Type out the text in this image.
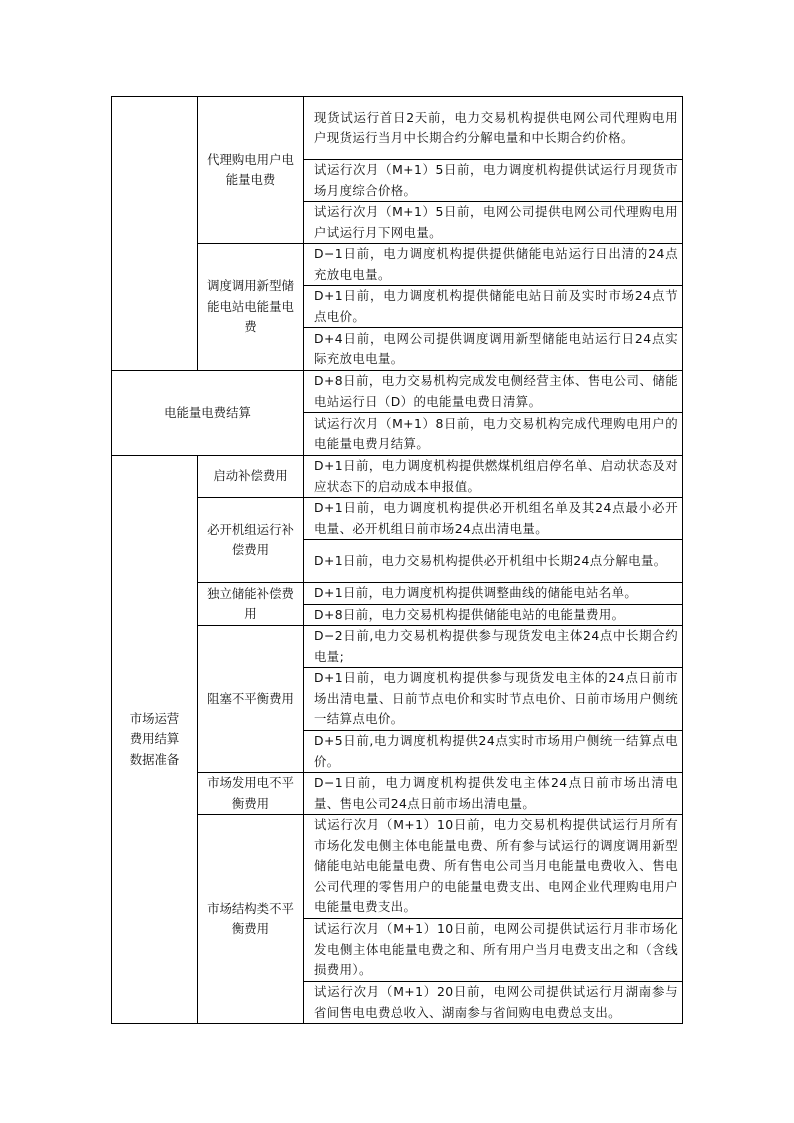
	代理购电用户电能量电费	现货试运行首日2天前，电力交易机构提供电网公司代理购电用户现货运行当月中长期合约分解电量和中长期合约价格。
		试运行次月（M+1）5日前，电力调度机构提供试运行月现货市场月度综合价格。
		试运行次月（M+1）5日前，电网公司提供电网公司代理购电用户试运行月下网电量。
	调度调用新型储能电站电能量电费	D−1日前，电力调度机构提供提供储能电站运行日出清的24点充放电电量。
		D+1日前，电力调度机构提供储能电站日前及实时市场24点节点电价。
		D+4日前，电网公司提供调度调用新型储能电站运行日24点实际充放电电量。
电能量电费结算		D+8日前，电力交易机构完成发电侧经营主体、售电公司、储能电站运行日（D）的电能量电费日清算。
		试运行次月（M+1）8日前，电力交易机构完成代理购电用户的电能量电费月结算。
市场运营费用结算数据准备	启动补偿费用	D+1日前，电力调度机构提供燃煤机组启停名单、启动状态及对应状态下的启动成本申报值。
	必开机组运行补偿费用	D+1日前，电力调度机构提供必开机组名单及其24点最小必开电量、必开机组日前市场24点出清电量。
		D+1日前，电力交易机构提供必开机组中长期24点分解电量。
	独立储能补偿费用	D+1日前，电力调度机构提供调整曲线的储能电站名单。
		D+8日前，电力交易机构提供储能电站的电能量费用。
	阻塞不平衡费用	D−2日前,电力交易机构提供参与现货发电主体24点中长期合约电量;
		D+1日前，电力调度机构提供参与现货发电主体的24点日前市场出清电量、日前节点电价和实时节点电价、日前市场用户侧统一结算点电价。
		D+5日前,电力调度机构提供24点实时市场用户侧统一结算点电价。
	市场发用电不平衡费用	D−1日前，电力调度机构提供发电主体24点日前市场出清电量、售电公司24点日前市场出清电量。
	市场结构类不平衡费用	试运行次月（M+1）10日前，电力交易机构提供试运行月所有市场化发电侧主体电能量电费、所有参与试运行的调度调用新型储能电站电能量电费、所有售电公司当月电能量电费收入、售电公司代理的零售用户的电能量电费支出、电网企业代理购电用户电能量电费支出。
		试运行次月（M+1）10日前，电网公司提供试运行月非市场化发电侧主体电能量电费之和、所有用户当月电费支出之和（含线损费用）。
		试运行次月（M+1）20日前，电网公司提供试运行月湖南参与省间售电电费总收入、湖南参与省间购电电费总支出。
